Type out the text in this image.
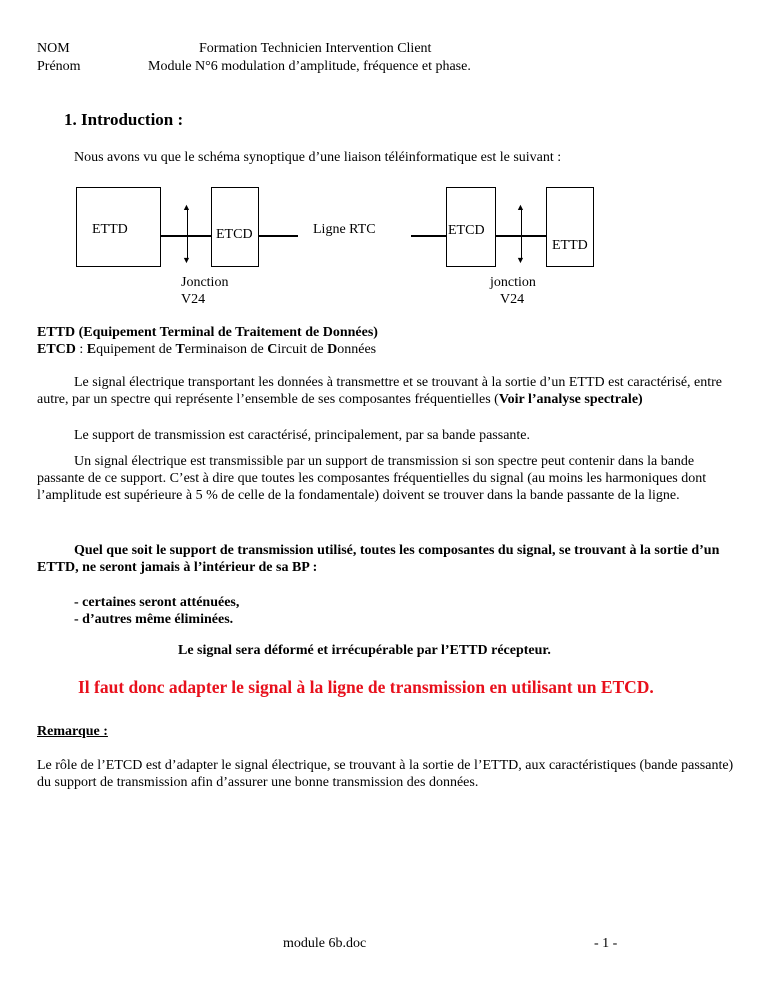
NOM
Prénom
Formation Technicien Intervention Client
Module N°6 modulation d’amplitude, fréquence et phase.
1. Introduction :
Nous avons vu que le schéma synoptique d’une liaison téléinformatique est le suivant :
ETTD	ETCD
▲
▼
Jonction
V24
Ligne RTC	ETCD
▲
▼
ETTD
jonction
V24
ETTD (Equipement Terminal de Traitement de Données)
ETCD : Equipement de Terminaison de Circuit de Données
Le signal électrique transportant les données à transmettre et se trouvant à la sortie d’un ETTD est caractérisé, entre autre, par un spectre qui représente l’ensemble de ses composantes fréquentielles (Voir l’analyse spectrale)
Le support de transmission est caractérisé, principalement, par sa bande passante.
Un signal électrique est transmissible par un support de transmission si son spectre peut contenir dans la bande passante de ce support. C’est à dire que toutes les composantes fréquentielles du signal (au moins les harmoniques dont l’amplitude est supérieure à 5 % de celle de la fondamentale) doivent se trouver dans la bande passante de la ligne.
Quel que soit le support de transmission utilisé, toutes les composantes du signal, se trouvant à la sortie d’un ETTD, ne seront jamais à l’intérieur de sa BP :
- certaines seront atténuées,
- d’autres même éliminées.
Le signal sera déformé et irrécupérable par l’ETTD récepteur.
Il faut donc adapter le signal à la ligne de transmission en utilisant un ETCD.
Remarque :
Le rôle de l’ETCD est d’adapter le signal électrique, se trouvant à la sortie de l’ETTD, aux caractéristiques (bande passante) du support de transmission afin d’assurer une bonne transmission des données.
module 6b.doc	- 1 -
